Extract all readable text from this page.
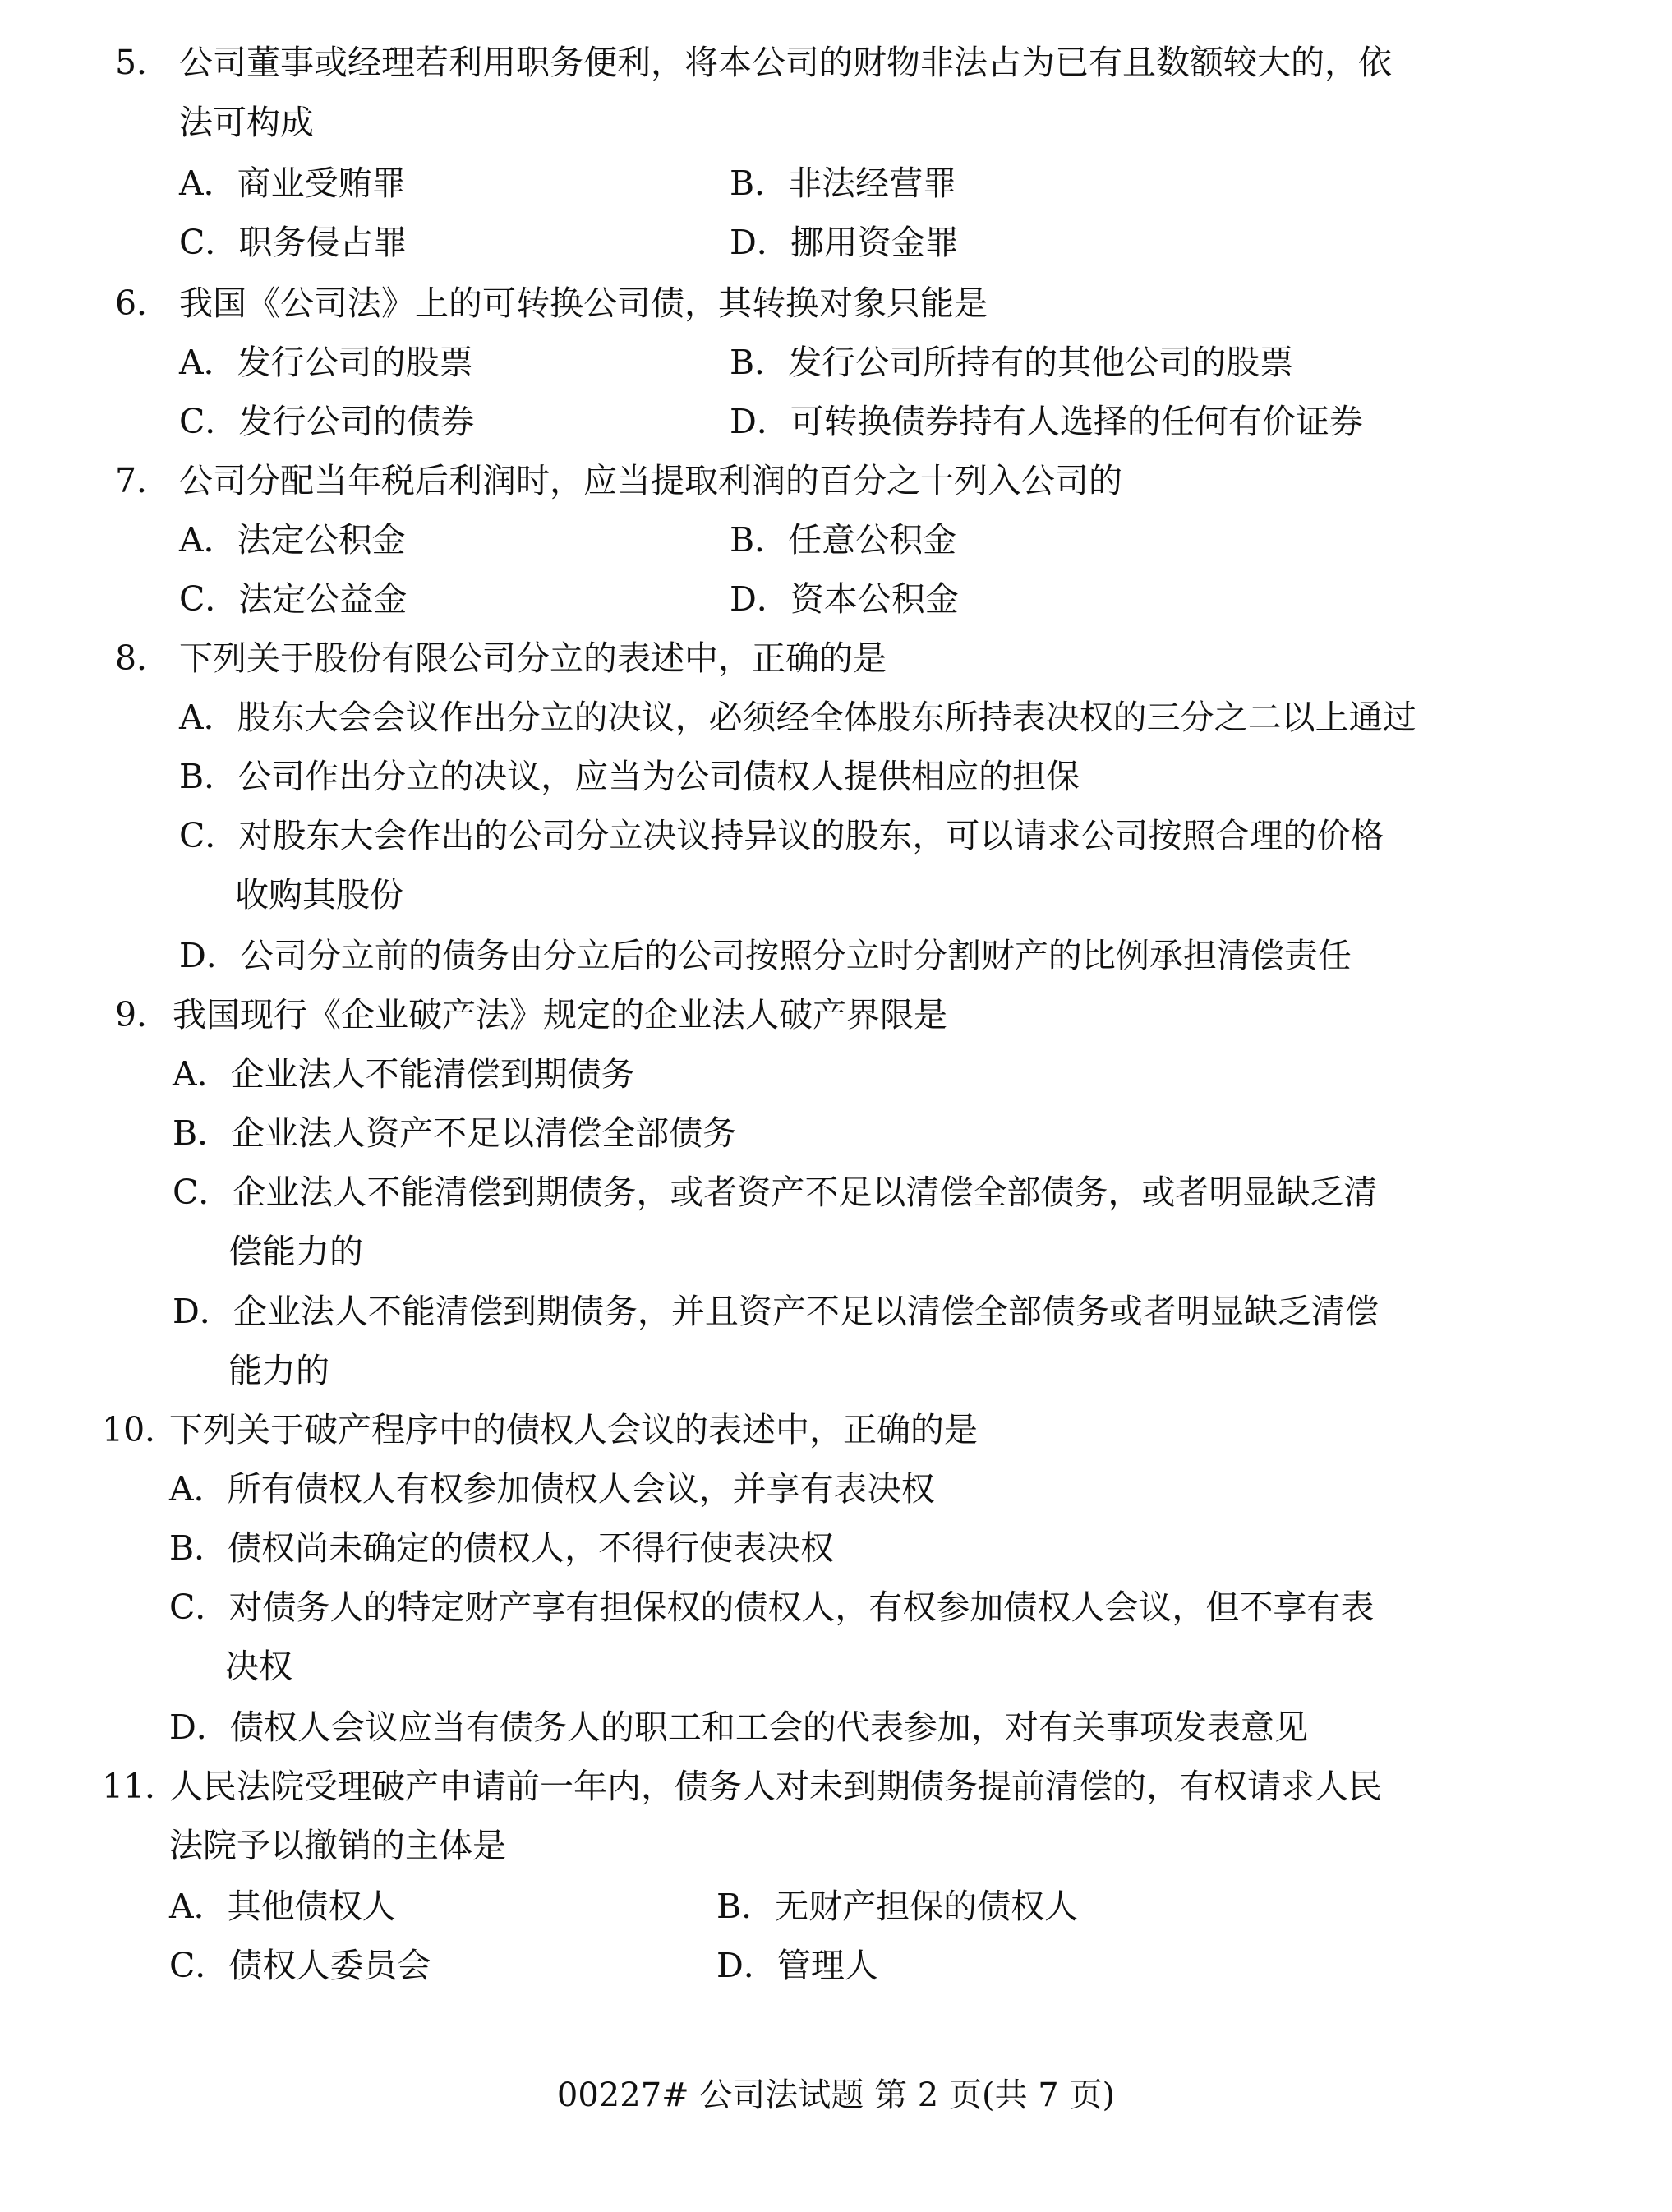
5． 公司董事或经理若利用职务便利，将本公司的财物非法占为已有且数额较大的，依
法可构成
A．商业受贿罪	B．非法经营罪
C．职务侵占罪	D．挪用资金罪
6． 我国《公司法》上的可转换公司债，其转换对象只能是
A．发行公司的股票	B．发行公司所持有的其他公司的股票
C．发行公司的债券	D．可转换债券持有人选择的任何有价证券
7． 公司分配当年税后利润时，应当提取利润的百分之十列入公司的
A．法定公积金	B．任意公积金
C．法定公益金	D．资本公积金
8． 下列关于股份有限公司分立的表述中，正确的是
A．股东大会会议作出分立的决议，必须经全体股东所持表决权的三分之二以上通过
B．公司作出分立的决议，应当为公司债权人提供相应的担保
C．对股东大会作出的公司分立决议持异议的股东，可以请求公司按照合理的价格
收购其股份
D．公司分立前的债务由分立后的公司按照分立时分割财产的比例承担清偿责任
9． 我国现行《企业破产法》规定的企业法人破产界限是
A．企业法人不能清偿到期债务
B．企业法人资产不足以清偿全部债务
C．企业法人不能清偿到期债务，或者资产不足以清偿全部债务，或者明显缺乏清
偿能力的
D．企业法人不能清偿到期债务，并且资产不足以清偿全部债务或者明显缺乏清偿
能力的
10．
下列关于破产程序中的债权人会议的表述中，正确的是
A．所有债权人有权参加债权人会议，并享有表决权
B．债权尚未确定的债权人，不得行使表决权
C．对债务人的特定财产享有担保权的债权人，有权参加债权人会议，但不享有表
决权
D．债权人会议应当有债务人的职工和工会的代表参加，对有关事项发表意见
11．
人民法院受理破产申请前一年内，债务人对未到期债务提前清偿的，有权请求人民
法院予以撤销的主体是
A．其他债权人	B．无财产担保的债权人
C．债权人委员会	D．管理人
00227# 公司法试题 第 2 页(共 7 页)
